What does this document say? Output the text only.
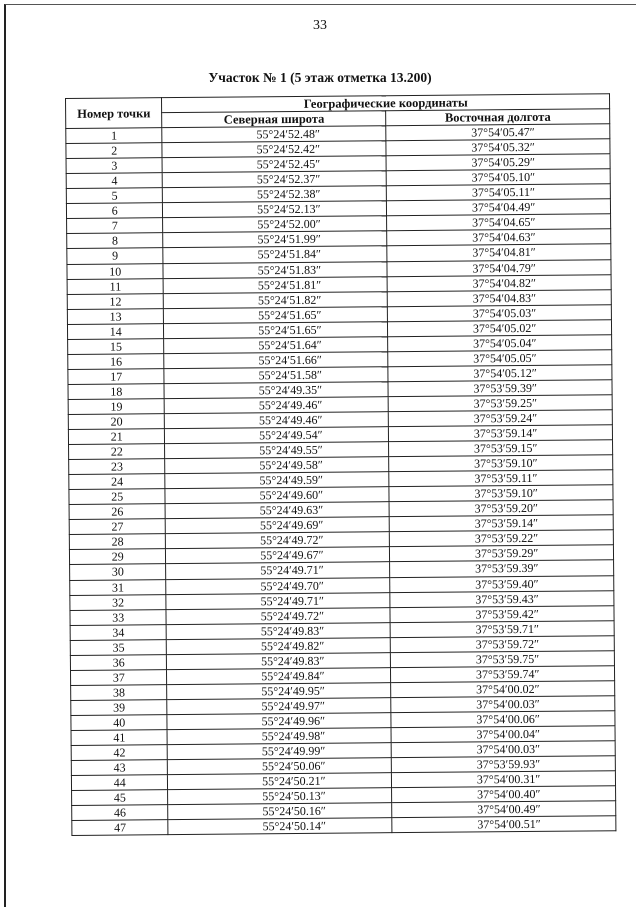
33
Участок № 1 (5 этаж отметка 13.200)
Номер точки	Географические координаты	
	Северная широта	Восточная долгота
1	55°24′52.48″	37°54′05.47″
2	55°24′52.42″	37°54′05.32″
3	55°24′52.45″	37°54′05.29″
4	55°24′52.37″	37°54′05.10″
5	55°24′52.38″	37°54′05.11″
6	55°24′52.13″	37°54′04.49″
7	55°24′52.00″	37°54′04.65″
8	55°24′51.99″	37°54′04.63″
9	55°24′51.84″	37°54′04.81″
10	55°24′51.83″	37°54′04.79″
11	55°24′51.81″	37°54′04.82″
12	55°24′51.82″	37°54′04.83″
13	55°24′51.65″	37°54′05.03″
14	55°24′51.65″	37°54′05.02″
15	55°24′51.64″	37°54′05.04″
16	55°24′51.66″	37°54′05.05″
17	55°24′51.58″	37°54′05.12″
18	55°24′49.35″	37°53′59.39″
19	55°24′49.46″	37°53′59.25″
20	55°24′49.46″	37°53′59.24″
21	55°24′49.54″	37°53′59.14″
22	55°24′49.55″	37°53′59.15″
23	55°24′49.58″	37°53′59.10″
24	55°24′49.59″	37°53′59.11″
25	55°24′49.60″	37°53′59.10″
26	55°24′49.63″	37°53′59.20″
27	55°24′49.69″	37°53′59.14″
28	55°24′49.72″	37°53′59.22″
29	55°24′49.67″	37°53′59.29″
30	55°24′49.71″	37°53′59.39″
31	55°24′49.70″	37°53′59.40″
32	55°24′49.71″	37°53′59.43″
33	55°24′49.72″	37°53′59.42″
34	55°24′49.83″	37°53′59.71″
35	55°24′49.82″	37°53′59.72″
36	55°24′49.83″	37°53′59.75″
37	55°24′49.84″	37°53′59.74″
38	55°24′49.95″	37°54′00.02″
39	55°24′49.97″	37°54′00.03″
40	55°24′49.96″	37°54′00.06″
41	55°24′49.98″	37°54′00.04″
42	55°24′49.99″	37°54′00.03″
43	55°24′50.06″	37°53′59.93″
44	55°24′50.21″	37°54′00.31″
45	55°24′50.13″	37°54′00.40″
46	55°24′50.16″	37°54′00.49″
47	55°24′50.14″	37°54′00.51″
